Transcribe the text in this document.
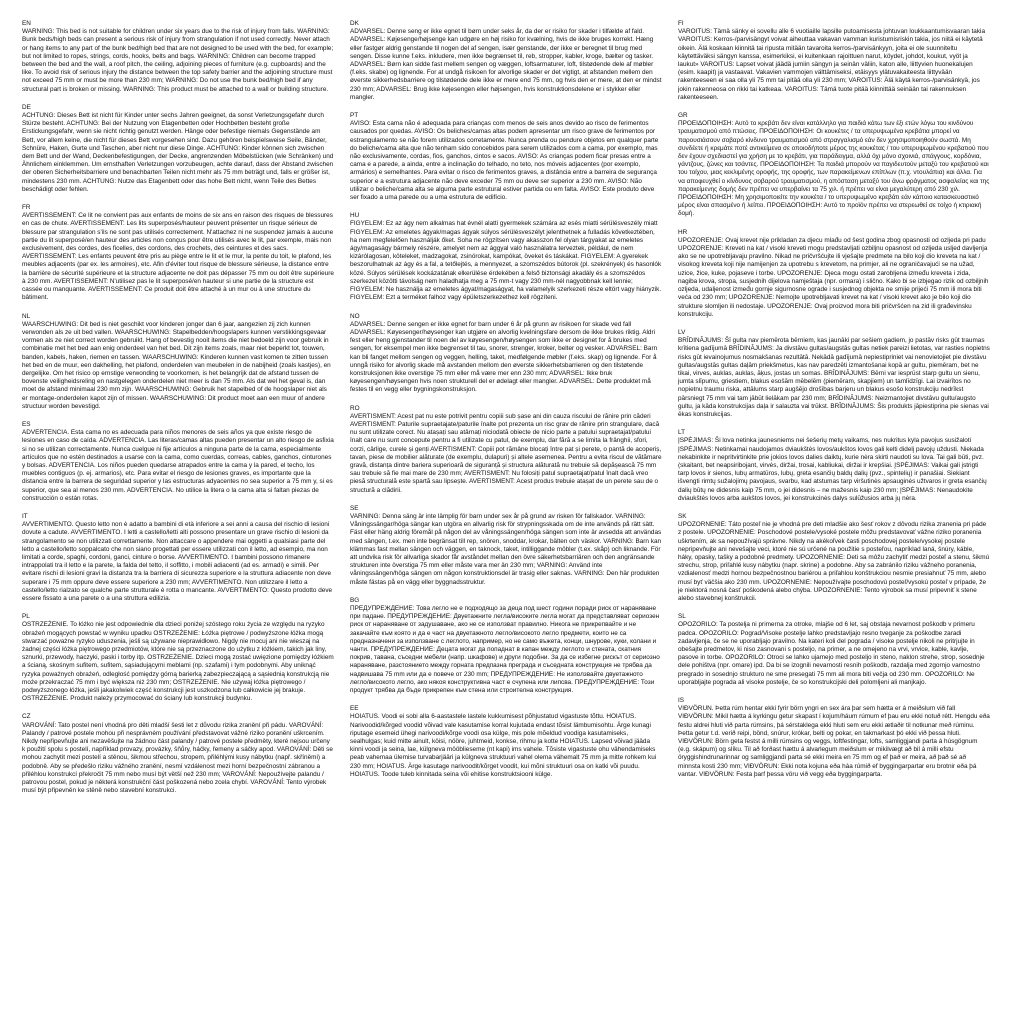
EN
WARNING: This bed is not suitable for children under six years due to the risk of injury from falls. WARNING: Bunk beds/high beds can present a serious risk of injury from strangulation if not used correctly. Never attach or hang items to any part of the bunk bed/high bed that are not designed to be used with the bed, for example; but not limited to ropes, strings, cords, hooks, belts and bags. WARNING: Children can become trapped between the bed and the wall, a roof pitch, the ceiling, adjoining pieces of furniture (e.g. cupboards) and the like. To avoid risk of serious injury the distance between the top safety barrier and the adjoining structure must not exceed 75 mm or must be more than 230 mm; WARNING: Do not use the bunk bed/high bed if any structural part is broken or missing. WARNING: This product must be attached to a wall or building structure.
DE
ACHTUNG: Dieses Bett ist nicht für Kinder unter sechs Jahren geeignet, da sonst Verletzungsgefahr durch Stürze besteht. ACHTUNG: Bei der Nutzung von Etagenbetten oder Hochbetten besteht große Erstickungsgefahr, wenn sie nicht richtig genutzt werden. Hänge oder befestige niemals Gegenstände am Bett, vor allem keine, die nicht für dieses Bett vorgesehen sind. Dazu gehören beispielsweise Seile, Bänder, Schnüre, Haken, Gurte und Taschen, aber nicht nur diese Dinge. ACHTUNG: Kinder können sich zwischen dem Bett und der Wand, Deckenbefestigungen, der Decke, angrenzenden Möbelstücken (wie Schränken) und Ähnlichem einklemmen. Um ernsthaften Verletzungen vorzubeugen, achte darauf, dass der Abstand zwischen der oberen Sicherheitsbarriere und benachbarten Teilen nicht mehr als 75 mm beträgt und, falls er größer ist, mindestens 230 mm. ACHTUNG: Nutze das Etagenbett oder das hohe Bett nicht, wenn Teile des Bettes beschädigt oder fehlen.
FR
AVERTISSEMENT: Ce lit ne convient pas aux enfants de moins de six ans en raison des risques de blessures en cas de chute. AVERTISSEMENT: Les lits superposés/hauteur peuvent présenter un risque sérieux de blessure par strangulation s'ils ne sont pas utilisés correctement. N'attachez ni ne suspendez jamais à aucune partie du lit superposé/en hauteur des articles non conçus pour être utilisés avec le lit, par exemple, mais non exclusivement, des cordes, des ficelles, des cordons, des crochets, des ceintures et des sacs. AVERTISSEMENT: Les enfants peuvent être pris au piège entre le lit et le mur, la pente du toit, le plafond, les meubles adjacents (par ex. les armoires), etc. Afin d'éviter tout risque de blessure sérieuse, la distance entre la barrière de sécurité supérieure et la structure adjacente ne doit pas dépasser 75 mm ou doit être supérieure à 230 mm. AVERTISSEMENT: N'utilisez pas le lit superposé/en hauteur si une partie de la structure est cassée ou manquante. AVERTISSEMENT: Ce produit doit être attaché à un mur ou à une structure du bâtiment.
NL
WAARSCHUWING: Dit bed is niet geschikt voor kinderen jonger dan 6 jaar, aangezien zij zich kunnen verwonden als ze uit bed vallen. WAARSCHUWING: Stapelbedden/hoogslapers kunnen verstikkingsgevaar vormen als ze niet correct worden gebruikt. Hang of bevestig nooit items die niet bedoeld zijn voor gebruik in combinatie met het bed aan enig onderdeel van het bed. Dit zijn items zoals, maar niet beperkt tot, touwen, banden, kabels, haken, riemen en tassen. WAARSCHUWING: Kinderen kunnen vast komen te zitten tussen het bed en de muur, een dakhelling, het plafond, onderdelen van meubelen in de nabijheid (zoals kastjes), en dergelijke. Om het risico op ernstige verwonding te voorkomen, is het belangrijk dat de afstand tussen de bovenste veiligheidsreling en nastgelegen onderdelen niet meer is dan 75 mm. Als dat wel het geval is, dan moet de afstand minimaal 230 mm zijn. WAARSCHUWING: Gebruik het stapelbed of de hoogslaper niet als er montage-onderdelen kapot zijn of missen. WAARSCHUWING: Dit product moet aan een muur of andere structuur worden bevestigd.
ES
ADVERTENCIA. Esta cama no es adecuada para niños menores de seis años ya que existe riesgo de lesiones en caso de caída. ADVERTENCIA. Las literas/camas altas pueden presentar un alto riesgo de asfixia si no se utilizan correctamente. Nunca cuelgue ni fije artículos a ninguna parte de la cama, especialmente artículos que no estén destinados a usarse con la cama, como cuerdas, correas, cables, ganchos, cinturones y bolsas. ADVERTENCIA. Los niños pueden quedarse atrapados entre la cama y la pared, el techo, los muebles contiguos (p. ej. armarios), etc. Para evitar el riesgo de lesiones graves, es importante que la distancia entre la barrera de seguridad superior y las estructuras adyacentes no sea superior a 75 mm y, si es superior, que sea al menos 230 mm. ADVERTENCIA. No utilice la litera o la cama alta si faltan piezas de construcción o están rotas.
IT
AVVERTIMENTO. Questo letto non è adatto a bambini di età inferiore a sei anni a causa del rischio di lesioni dovute a cadute. AVVERTIMENTO. I letti a castello/letti alti possono presentare un grave rischio di lesioni da strangolamento se non utilizzati correttamente. Non attaccare o appendere mai oggetti a qualsiasi parte del letto a castello/letto soppalcato che non siano progettati per essere utilizzati con il letto, ad esempio, ma non limitati a corde, spaghi, cordoni, ganci, cinture o borse. AVVERTIMENTO. I bambini possono rimanere intrappolati tra il letto e la parete, la falda del tetto, il soffitto, i mobili adiacenti (ad es. armadi) e simili. Per evitare rischi di lesioni gravi la distanza tra la barriera di sicurezza superiore e la struttura adiacente non deve superare i 75 mm oppure deve essere superiore a 230 mm; AVVERTIMENTO. Non utilizzare il letto a castello/letto rialzato se qualche parte strutturale è rotta o mancante. AVVERTIMENTO: Questo prodotto deve essere fissato a una parete o a una struttura edilizia.
PL
OSTRZEŻENIE. To łóżko nie jest odpowiednie dla dzieci poniżej szóstego roku życia ze względu na ryzyko obrażeń mogących powstać w wyniku upadku OSTRZEŻENIE: Łóżka piętrowe / podwyższone łóżka mogą stwarzać poważne ryzyko uduszenia, jeśli są używane nieprawidłowo. Nigdy nie mocuj ani nie wieszaj na żadnej części łóżka piętrowego przedmiotów, które nie są przeznaczone do użytku z łóżkiem, takich jak liny, sznurki, przewody, haczyki, paski i torby itp. OSTRZEŻENIE. Dzieci mogą zostać uwięzione pomiędzy łóżkiem a ścianą, skośnym sufitem, sufitem, sąsiadującymi meblami (np. szafami) i tym podobnymi. Aby uniknąć ryzyka poważnych obrażeń, odległość pomiędzy górną barierką zabezpieczającą a sąsiednią konstrukcją nie może przekraczać 75 mm i być większa niż 230 mm; OSTRZEŻENIE. Nie używaj łóżka piętrowego / podwyższonego łóżka, jeśli jakakolwiek część konstrukcji jest uszkodzona lub całkowicie jej brakuje. OSTRZEŻENIE. Produkt należy przymocować do ściany lub konstrukcji budynku.
CZ
VAROVÁNÍ: Tato postel není vhodná pro děti mladší šesti let z důvodu rizika zranění při pádu. VAROVÁNÍ: Palandy / patrové postele mohou při nesprávném používání představovat vážné riziko poranění uškrcením. Nikdy nepřipevňujte ani nezavěšujte na žádnou část palandy / patrové postele předměty, které nejsou určeny k použití spolu s postelí, například provazy, provázky, šňůry, háčky, řemeny a sáčky apod. VAROVÁNÍ: Děti se mohou zachytit mezi postelí a stěnou, šikmou střechou, stropem, přiléhlými kusy nábytku (např. skříněmi) a podobně. Aby se předešlo riziku vážného zranění, nesmí vzdálenost mezi horní bezpečnostní zábranou a přiléhlou konstrukcí překročit 75 mm nebo musí být větší než 230 mm; VAROVÁNÍ: Nepoužívejte palandu / patrovou postel, pokud je některá konstrukční část poškozená nebo zcela chybí. VAROVÁNÍ: Tento výrobek musí být připevněn ke stěně nebo stavební konstrukci.
DK
ADVARSEL: Denne seng er ikke egnet til børn under seks år, da der er risiko for skader i tilfælde af fald. ADVARSEL: Køjesenge/højsenge kan udgøre en høj risiko for kvælning, hvis de ikke bruges korrekt. Hæng eller fastgør aldrig genstande til nogen del af sengen, især genstande, der ikke er beregnet til brug med sengen. Disse kunne f.eks. inkludere, men ikke begrænset til, reb, stropper, kabler, kroge, bælter og tasker. ADVARSEL: Børn kan sidde fast mellem sengen og væggen, loftsarmaturer, loft, tilstødende dele af møbler (f.eks. skabe) og lignende. For at undgå risikoen for alvorlige skader er det vigtigt, at afstanden mellem den øverste sikkerhedsbarriere og tilstødende dele ikke er mere end 75 mm, og hvis den er mere, at den er mindst 230 mm; ADVARSEL: Brug ikke køjesengen eller højsengen, hvis konstruktionsdelene er i stykker eller mangler.
PT
AVISO: Esta cama não é adequada para crianças com menos de seis anos devido ao risco de ferimentos causados por quedas. AVISO: Os beliches/camas altas podem apresentar um risco grave de ferimentos por estrangulamento se não forem utilizados corretamente. Nunca prenda ou pendure objetos em qualquer parte do beliche/cama alta que não tenham sido concebidos para serem utilizados com a cama, por exemplo, mas não exclusivamente, cordas, fios, ganchos, cintos e sacos. AVISO: As crianças podem ficar presas entre a cama e a parede, a ainda, entre a inclinação do telhado, no teto, nos móveis adjacentes (por exemplo, armários) e semelhantes. Para evitar o risco de ferimentos graves, a distância entre a barreira de segurança superior e a estrutura adjacente não deve exceder 75 mm ou deve ser superior a 230 mm. AVISO: Não utilizar o beliche/cama alta se alguma parte estrutural estiver partida ou em falta. AVISO: Este produto deve ser fixado a uma parede ou a uma estrutura de edifício.
HU
FIGYELEM: Ez az ágy nem alkalmas hat évnél alatti gyermekek számára az esés miatti sérülésveszély miatt FIGYELEM: Az emeletes ágyak/magas ágyak súlyos sérülésveszélyt jelenthetnek a fulladás következtében, ha nem megfelelően használják őket. Soha ne rögzítsen vagy akasszon fel olyan tárgyakat az emeletes ágy/magaságy bármely részére, amelyet nem az ággyal való használatra terveztek, például, de nem kizárólagosan, köteleket, madzagokat, zsinórokat, kampókat, öveket és táskákat. FIGYELEM: A gyerekek beszorulhatnak az ágy és a fal, a tetőlejtés, a mennyezet, a szomszédos bútorok (pl. szekrények) és hasonlók közé. Súlyos sérülések kockázatának elkerülése érdekében a felső biztonsági akadály és a szomszédos szerkezet közötti távolság nem haladhatja meg a 75 mm-t vagy 230 mm-nél nagyobbnak kell lennie; FIGYELEM: Ne használja az emeletes ágyat/magaságyat, ha valamelyik szerkezeti része eltört vagy hiányzik. FIGYELEM: Ezt a terméket falhoz vagy épületszerkezethez kell rögzíteni.
NO
ADVARSEL: Denne sengen er ikke egnet for barn under 6 år på grunn av risikoen for skade ved fall ADVARSEL: Køyesenger/høysenger kan utgjøre en alvorlig kvelningsfare dersom de ikke brukes riktig. Aldri fest eller heng gjenstander til noen del av køyesengen/høysengen som ikke er designet for å brukes med sengen, for eksempel men ikke begrenset til tau, snorer, strenger, kroker, belter og vesker. ADVARSEL: Barn kan bli fanget mellom sengen og veggen, helling, taket, medfølgende møbler (f.eks. skap) og lignende. For å unngå risiko for alvorlig skade må avstanden mellom den øverste sikkerhetsbarrieren og den tilstøtende konstruksjonen ikke overstige 75 mm eller må være mer enn 230 mm; ADVARSEL: Ikke bruk køyesengen/høysengen hvis noen strukturell del er ødelagt eller mangler. ADVARSEL: Dette produktet må festes til en vegg eller bygningskonstruksjon.
RO
AVERTISMENT: Acest pat nu este potrivit pentru copiii sub șase ani din cauza riscului de rănire prin căderi AVERTISMENT: Paturile supraetajate/paturile înalte pot prezenta un risc grav de rănire prin strangulare, dacă nu sunt utilizate corect. Nu atașați sau atârnați niciodată obiecte de nicio parte a patului supraetajat/patului înalt care nu sunt concepute pentru a fi utilizate cu patul, de exemplu, dar fără a se limita la frânghii, sfori, corzi, cârlige, curele și genți AVERTISMENT: Copiii pot rămâne blocați între pat și perete, o pantă de acoperiș, tavan, piese de mobilier alăturate (de exemplu, dulapuri) și altele asemenea. Pentru a evita riscul de vătămare gravă, distanța dintre bariera superioară de siguranță și structura alăturată nu trebuie să depășească 75 mm sau trebuie să fie mai mare de 230 mm; AVERTISMENT: Nu folosiți patul supraetajat/patul înalt dacă vreo piesă structurală este spartă sau lipsește. AVERTISMENT: Acest produs trebuie atașat de un perete sau de o structură a clădirii.
SE
VARNING: Denna säng är inte lämplig för barn under sex år på grund av risken för fallskador. VARNING: Våningssängar/höga sängar kan utgöra en allvarlig risk för strypningsskada om de inte används på rätt sätt. Fäst eller häng aldrig föremål på någon del av våningssängen/höga sängen som inte är avsedda att användas med sängen, t.ex. men inte begränsat till rep, snören, snoddar, krokar, bälten och väskor. VARNING: Barn kan klämmas fast mellan sängen och väggen, en taknock, taket, intilliggande möbler (t.ex. skåp) och liknande. För att undvika risk för allvarliga skador får avståndet mellan den övre säkerhetsbarriären och den angränsande strukturen inte överstiga 75 mm eller måste vara mer än 230 mm; VARNING: Använd inte våningssängen/höga sängen om någon konstruktionsdel är trasig eller saknas. VARNING: Den här produkten måste fästas på en vägg eller byggnadsstruktur.
BG
ПРЕДУПРЕЖДЕНИЕ: Това легло не е подходящо за деца под шест години поради риск от нараняване при падане. ПРЕДУПРЕЖДЕНИЕ: Двуетажните легла/високите легла могат да представляват сериозен риск от нараняване от задушаване, ако не се използват правилно. Никога не прикрепвайте и не закачайте към която и да е част на двуетажното легло/високото легло предмети, които не са предназначени за използване с леглото, например, но не само въжета, конци, шнурове, куки, колани и чанти. ПРЕДУПРЕЖДЕНИЕ: Децата могат да попаднат в капан между леглото и стената, скатния покрив, тавана, съседни мебели (напр. шкафове) и други подобни. За да се избегне рискът от сериозно нараняване, разстоянието между горната предпазна преграда и съседната конструкция не трябва да надвишава 75 mm или да е повече от 230 mm; ПРЕДУПРЕЖДЕНИЕ: Не използвайте двуетажното легло/високото легло, ако някоя конструктивна част е счупена или липсва. ПРЕДУПРЕЖДЕНИЕ: Този продукт трябва да бъде прикрепен към стена или строителна конструкция.
EE
HOIATUS. Voodi ei sobi alla 6-aastastele lastele kukkumisest põhjustatud vigastuste tõttu. HOIATUS. Narivoodid/kõrged voodid võivad vale kasutamise korral kujutada endast tõsist lämbumisohtu. Ärge kunagi riputage esemeid ühegi narivoodi/kõrge voodi osa külge, mis pole mõeldud voodiga kasutamiseks, sealhulgas; kuid mitte ainult, köisi, nööre, juhtmeid, konkse, rihmu ja kotte HOIATUS. Lapsed võivad jääda kinni voodi ja seina, lae, külgneva mööblieseme (nt kapi) ims vahele. Tõsiste vigastuste ohu vähendamiseks peab vahemaa ülemise turvabarjääri ja külgneva struktuuri vahel olema vähemalt 75 mm ja mitte rohkem kui 230 mm; HOIATUS. Ärge kasutage narivoodit/kõrget voodit, kui mõni struktuuri osa on katki või puudu. HOIATUS. Toode tuleb kinnitada seina või ehitise konstruktsiooni külge.
FI
VAROITUS: Tämä sänky ei sovellu alle 6 vuotiaille lapsille putoamisesta johtuvan loukkaantumisvaaran takia VAROITUS: Kerros-/parvisängyt voivat aiheuttaa vakavan vamman kuristumisriskin takia, jos niitä ei käytetä oikein. Älä koskaan kiinnitä tai ripusta mitään tavaroita kerros-/parvisänkyyn, joita ei ole suunniteltu käytettäväksi sängyn kanssa, esimerkiksi, ei kuitenkaan rajoittuen narut, köydet, johdot, koukut, vyöt ja laukut» VAROITUS: Lapset voivat jäädä jumiin sängyn ja seinän väliin, katon alle, liittyvien huonekalujen (esim. kaapit) ja vastaavat. Vakavien vammojen välttämiseksi, etäisyys ylätuvakaiteesta liittyvään rakenteeseen ei saa olla yli 75 mm tai pitää olla yli 230 mm; VAROITUS: Älä käytä kerros-/parvisänkyä, jos jokin rakenneosa on rikki tai katkeaa. VAROITUS: Tämä tuote pitää kiinnittää seinään tai rakennuksen rakenteeseen.
GR
ΠΡΟΕΙΔΟΠΟΙΗΣΗ: Αυτό το κρεβάτι δεν είναι κατάλληλο για παιδιά κάτω των έξι ετών λόγω του κινδύνου τραυματισμού από πτώσεις. ΠΡΟΕΙΔΟΠΟΙΗΣΗ: Οι κουκέτες / τα υπερυψωμένα κρεβάτια μπορεί να παρουσιάσουν σοβαρό κίνδυνο τραυματισμού από στραγγαλισμό εάν δεν χρησιμοποιηθούν σωστά. Μη συνδέετε ή κρεμάτε ποτέ αντικείμενα σε οποιοδήποτε μέρος της κουκέτας / του υπερυψωμένου κρεβατιού που δεν έχουν σχεδιαστεί για χρήση με το κρεβάτι, για παράδειγμα, αλλά όχι μόνο σχοινιά, σπάγγους, κορδόνια, γάντζους, ζώνες και τσάντες. ΠΡΟΕΙΔΟΠΟΙΗΣΗ: Τα παιδιά μπορούν να παγιδευτούν μεταξύ του κρεβατιού και του τοίχου, μιας κεκλιμένης οροφής, της οροφής, των παρακείμενων επίπλων (π.χ. ντουλάπια) και άλλα. Για να αποφευχθεί ο κίνδυνος σοβαρού τραυματισμού, η απόσταση μεταξύ του άνω φράγματος ασφαλείας και της παρακείμενης δομής δεν πρέπει να υπερβαίνει τα 75 χιλ. ή πρέπει να είναι μεγαλύτερη από 230 χιλ. ΠΡΟΕΙΔΟΠΟΙΗΣΗ: Μη χρησιμοποιείτε την κουκέτα / το υπερυψωμένο κρεβάτι εάν κάποιο κατασκευαστικό μέρος είναι σπασμένο ή λείπει. ΠΡΟΕΙΔΟΠΟΙΗΣΗ: Αυτό το προϊόν πρέπει να στερεωθεί σε τοίχο ή κτιριακή δομή.
HR
UPOZORENJE: Ovaj krevet nije prikladan za djecu mlađu od šest godina zbog opasnosti od ozljeda pri padu UPOZORENJE: Kreveti na kat / visoki kreveti mogu predstavljati ozbiljnu opasnost od ozljeda usljed davljenja ako se ne upotrebljavaju pravilno. Nikad ne pričvršćujte ili vješajte predmete na bilo koji dio kreveta na kat / visokog kreveta koji nije namijenjen za upotrebu s krevetom, na primjer, ali ne ograničavajući se na užad, uzice, žice, kuke, pojaseve i torbe. UPOZORENJE: Djeca mogu ostati zarobljena između kreveta i zida, nagiba krova, stropa, susjednih dijelova namještaja (npr. ormara) i slično. Kako bi se izbjegao rizik od ozbiljnih ozljeda, udaljenost između gornje sigurnosne ograde i susjednog objekta ne smije prijeći 75 mm ili mora biti veća od 230 mm; UPOZORENJE: Nemojte upotrebljavati krevet na kat / visoki krevet ako je bilo koji dio strukture slomljen ili nedostaje. UPOZORENJE: Ovaj proizvod mora biti pričvršćen na zid ili građevinsku konstrukciju.
LV
BRĪDINĀJUMS: Šī gulta nav piemērota bērniem, kas jaunāki par sešiem gadiem, jo pastāv risks gūt traumas krītiena gadījumā BRĪDINĀJUMS: Ja divstāvu gultas/augstās gultas netiek pareizi lietotas, var rasties nopietns risks gūt ievainojumus nosmakšanas rezultātā. Nekādā gadījumā nepiestipriniet vai nenovietojiet pie divstāvu gultas/augstās gultas daļām priekšmetus, kas nav paredzēti izmantošanai kopā ar gultu, piemēram, bet ne tikai, virves, auklas, auklas, āķus, jostas un somas. BRĪDINĀJUMS: Bērni var iesprūst starp gultu un sienu, jumta slīpumu, griestiem, blakus esošām mēbelēm (piemēram, skapjiem) un tamlīdzīgi. Lai izvairītos no nopietnu traumu riska, attālums starp augšējo drošības barjeru un blakus esošo konstrukciju nedrīkst pārsniegt 75 mm vai tam jābūt lielākam par 230 mm; BRĪDINĀJUMS: Neizmantojiet divstāvu gultu/augsto gultu, ja kāda konstrukcijas daļa ir salauzta vai trūkst. BRĪDINĀJUMS: Šis produkts jāpiestiprina pie sienas vai ēkas konstrukcijas.
LT
ĮSPĖJIMAS: Ši lova netinka jaunesniems nei šešerių metų vaikams, nes nukritus kyla pavojus susižaloti ĮSPĖJIMAS: Netinkamai naudojamos dviaukštės lovos/aukštos lovos gali kelti didelį pavojų uždusti. Niekada nekabinkite ir nepritvirtinkite prie jokios lovos dalies daiktų, kurie nėra skirti naudoti su lova. Tai gali būti, pvz. (skaitant, bet neapsiribojant, virvės, diržai, trosai, kabliukai, diržai ir krepšiai. ĮSPĖJIMAS: Vaikai gali įstrigti tarp lovos ir sienos, lubų armatūros, lubų, greta esančių baldų dalių (pvz., spintelių) ir panašiai. Siekiant išvengti rimtų sužalojimų pavojaus, svarbu, kad atstumas tarp viršutinės apsauginės užtvaros ir greta esančių dalių būtų ne didesnis kaip 75 mm, o jei didesnis – ne mažesnis kaip 230 mm; ĮSPĖJIMAS: Nenaudokite dviaukštės lovos arba aukštos lovos, jei konstrukcinės dalys sulūžusios arba jų nėra.
SK
UPOZORNENIE: Táto posteľ nie je vhodná pre deti mladšie ako šesť rokov z dôvodu rizika zranenia pri páde z postele. UPOZORNENIE: Poschodové postele/vysoké postele môžu predstavovať vážne riziko poranenia uškrtením, ak sa nepoužívajú správne. Nikdy na akékoľvek časti poschodovej postele/vysokej postele nepripevňujte ani nevešajte veci, ktoré nie sú určené na použitie s posteľou, napríklad laná, šnúry, káble, háky, opasky, tašky a podobné predmety. UPOZORNENIE: Deti sa môžu zachytiť medzi posteľ a stenu, šikmú strechu, strop, priľahlé kusy nábytku (napr. skrine) a podobne. Aby sa zabránilo riziku vážneho poranenia, vzdialenosť medzi hornou bezpečnostnou bariérou a priľahlou konštrukciou nesmie presiahnuť 75 mm, alebo musí byť väčšia ako 230 mm. UPOZORNENIE: Nepoužívajte poschodovú posteľ/vysokú posteľ v prípade, že je niektorá nosná časť poškodená alebo chýba. UPOZORNENIE: Tento výrobok sa musí pripevniť k stene alebo stavebnej konštrukcii.
SL
OPOZORILO: Ta postelja ni primerna za otroke, mlajše od 6 let, saj obstaja nevarnost poškodb v primeru padca. OPOZORILO: Pograd/Visoke postelje lahko predstavljajo resno tveganje za poškodbe zaradi zadavljenja, če se ne uporabljajo pravilno. Na kateri koli del pograda / visoke postelje nikoli ne pritrjujte in obešajte predmetov, ki niso zasnovani s posteljo, na primer, a ne omejeno na vrvi, vrvice, kable, kavlje, pasove in torbe. OPOZORILO: Otroci se lahko ujamejo med posteljo in steno, naklon strehe, strop, sosednje dele pohištva (npr. omare) ipd. Da bi se izognili nevarnosti resnih poškodb, razdalja med zgornjo varnostno pregrado in sosednjo strukturo ne sme presegati 75 mm ali mora biti večja od 230 mm. OPOZORILO: Ne uporabljajte pograda ali visoke postelje, če so konstrukcijski deli polomljeni ali manjkajo.
IS
VIÐVÖRUN. Þetta rúm hentar ekki fyrir börn yngri en sex ára þar sem hætta er á meiðslum við fall VIÐVÖRUN: Mikil hætta á kyrkingu getur skapast í kojum/háum rúmum ef þau eru ekki notuð rétt. Hengdu eða festu aldrei hluti við parta rúmsins, þá sérstaklega ekki hluti sem eru ekki ætlaðir til notkunar með rúminu. Þetta getur t.d. verið reipi, bönd, snúrur, krókar, belti og pokar, en takmarkast þó ekki við þessa hluti. VIÐVÖRUN: Börn geta festst á milli rúmsins og veggs, loftfestingar, lofts, samliggjandi parta á húsgögnum (e.g. skápum) og slíku. Til að forðast hættu á alvarlegum meiðslum er mikilvægt að bil á milli efstu öryggishindrunarinnar og samliggjandi parta sé ekki meira en 75 mm og ef það er meira, að það sé að minnsta kosti 230 mm; VIÐVÖRUN: Ekki nota kojuna eða háa rúmið ef byggingarpartar eru brotnir eða þá vantar. VIÐVÖRUN: Festa þarf þessa vöru við vegg eða byggingarparta.
